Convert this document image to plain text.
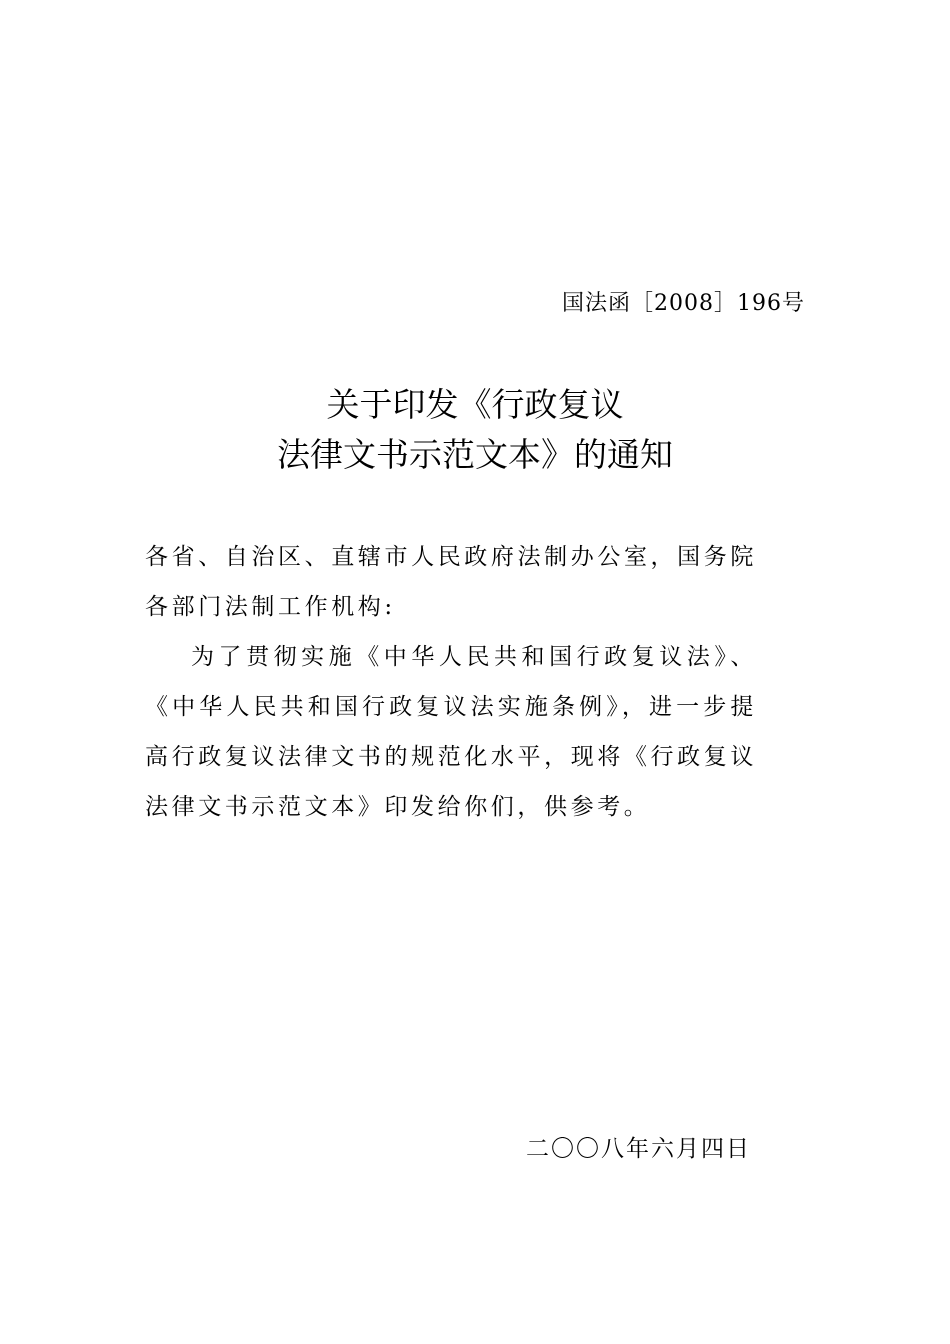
国法函［2008］196号
关于印发《行政复议
法律文书示范文本》的通知

各省、自治区、直辖市人民政府法制办公室，国务院各部门法制工作机构:

为了贯彻实施《中华人民共和国行政复议法》、《中华人民共和国行政复议法实施条例》，进一步提高行政复议法律文书的规范化水平，现将《行政复议法律文书示范文本》印发给你们，供参考。

二〇〇八年六月四日
